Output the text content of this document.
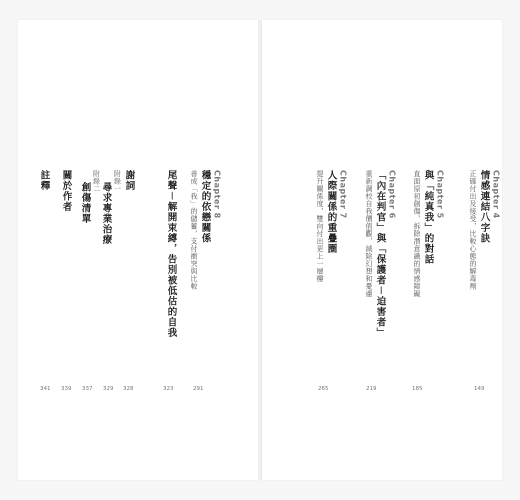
正確付出及接受，比較心態的解毒劑 情感連結八字訣 Chapter 4
149
直面原初創傷，拆除潛意識的情感障礙 與「純真我」的對話 Chapter 5
185
重新調校自我價值觀，減除幻想和憂慮 「內在判官」與「保護者－迫害者」 Chapter 6
219
提升關係度，雙向付出更上一層樓 人際關係的重疊圈 Chapter 7
265
善成「我」的儲蓄，支付衝突與比較 穩定的依戀關係 Chapter 8
291
尾聲－解開束縛，告別被低估的自我
323
謝詞
328
尋求專業治療
附錄一
329
創傷清單
附錄二
337
關於作者
339
註釋
341
